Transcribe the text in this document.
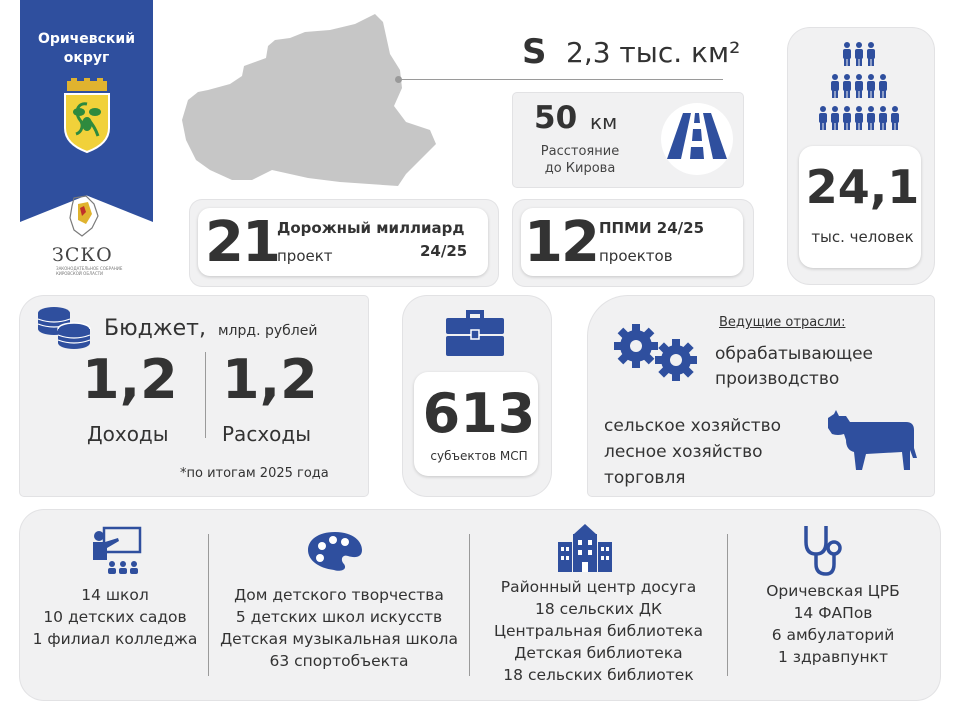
Оричевский округ
ЗСКО
ЗАКОНОДАТЕЛЬНОЕ СОБРАНИЕ КИРОВСКОЙ ОБЛАСТИ
S 2,3 тыс. км²
50 км
Расстояние
до Кирова	24,1
тыс. человек
21
Дорожный миллиард
24/25
проект	12 ППМИ 24/25
проектов
Бюджет, млрд. рублей
1,2
Доходы
1,2
Расходы
*по итогам 2025 года
613
субъектов МСП
Ведущие отрасли:
обрабатывающее
производство
сельское хозяйство
лесное хозяйство
торговля
14 школ
10 детских садов
1 филиал колледжа
Дом детского творчества
5 детских школ искусств
Детская музыкальная школа
63 спортобъекта
Районный центр досуга
18 сельских ДК
Центральная библиотека
Детская библиотека
18 сельских библиотек
Оричевская ЦРБ
14 ФАПов
6 амбулаторий
1 здравпункт
